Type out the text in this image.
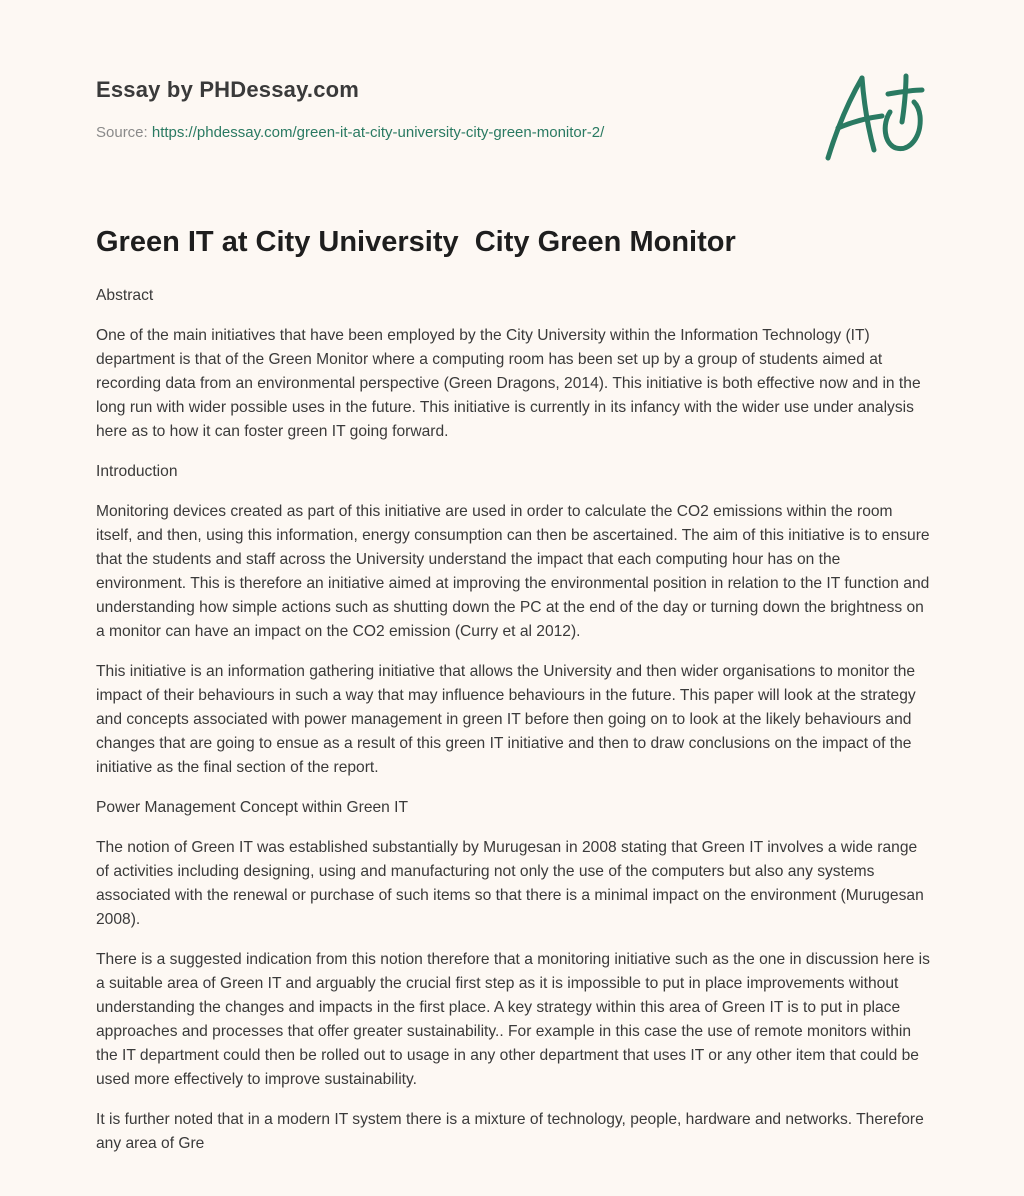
Essay by PHDessay.com
Source: https://phdessay.com/green-it-at-city-university-city-green-monitor-2/
Green IT at City University  City Green Monitor

Abstract

One of the main initiatives that have been employed by the City University within the Information Technology (IT) department is that of the Green Monitor where a computing room has been set up by a group of students aimed at recording data from an environmental perspective (Green Dragons, 2014). This initiative is both effective now and in the long run with wider possible uses in the future. This initiative is currently in its infancy with the wider use under analysis here as to how it can foster green IT going forward.

Introduction

Monitoring devices created as part of this initiative are used in order to calculate the CO2 emissions within the room itself, and then, using this information, energy consumption can then be ascertained. The aim of this initiative is to ensure that the students and staff across the University understand the impact that each computing hour has on the environment. This is therefore an initiative aimed at improving the environmental position in relation to the IT function and understanding how simple actions such as shutting down the PC at the end of the day or turning down the brightness on a monitor can have an impact on the CO2 emission (Curry et al 2012).

This initiative is an information gathering initiative that allows the University and then wider organisations to monitor the impact of their behaviours in such a way that may influence behaviours in the future. This paper will look at the strategy and concepts associated with power management in green IT before then going on to look at the likely behaviours and changes that are going to ensue as a result of this green IT initiative and then to draw conclusions on the impact of the initiative as the final section of the report.

Power Management Concept within Green IT

The notion of Green IT was established substantially by Murugesan in 2008 stating that Green IT involves a wide range of activities including designing, using and manufacturing not only the use of the computers but also any systems associated with the renewal or purchase of such items so that there is a minimal impact on the environment (Murugesan 2008).

There is a suggested indication from this notion therefore that a monitoring initiative such as the one in discussion here is a suitable area of Green IT and arguably the crucial first step as it is impossible to put in place improvements without understanding the changes and impacts in the first place. A key strategy within this area of Green IT is to put in place approaches and processes that offer greater sustainability.. For example in this case the use of remote monitors within the IT department could then be rolled out to usage in any other department that uses IT or any other item that could be used more effectively to improve sustainability.

It is further noted that in a modern IT system there is a mixture of technology, people, hardware and networks. Therefore any area of Gre
